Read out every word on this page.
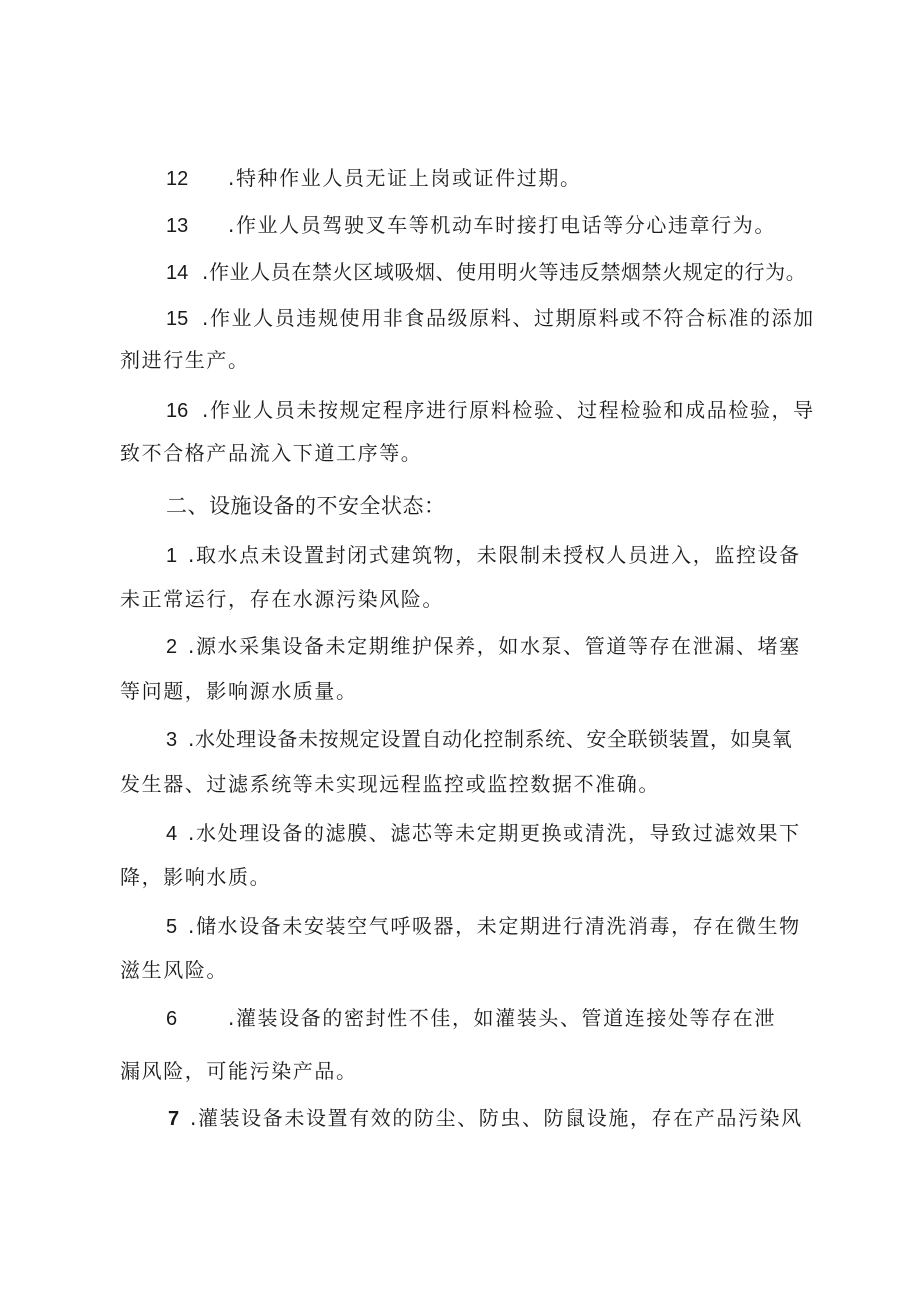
12 .特种作业人员无证上岗或证件过期。
13 .作业人员驾驶叉车等机动车时接打电话等分心违章行为。
14 .作业人员在禁火区域吸烟、使用明火等违反禁烟禁火规定的行为。
15 .作业人员违规使用非食品级原料、过期原料或不符合标准的添加
剂进行生产。
16 .作业人员未按规定程序进行原料检验、过程检验和成品检验，导
致不合格产品流入下道工序等。
二、设施设备的不安全状态：
1 .取水点未设置封闭式建筑物，未限制未授权人员进入，监控设备
未正常运行，存在水源污染风险。
2 .源水采集设备未定期维护保养，如水泵、管道等存在泄漏、堵塞
等问题，影响源水质量。
3 .水处理设备未按规定设置自动化控制系统、安全联锁装置，如臭氧
发生器、过滤系统等未实现远程监控或监控数据不准确。
4 .水处理设备的滤膜、滤芯等未定期更换或清洗，导致过滤效果下
降，影响水质。
5 .储水设备未安装空气呼吸器，未定期进行清洗消毒，存在微生物
滋生风险。
6	.灌装设备的密封性不佳，如灌装头、管道连接处等存在泄
漏风险，可能污染产品。
7 .灌装设备未设置有效的防尘、防虫、防鼠设施，存在产品污染风
